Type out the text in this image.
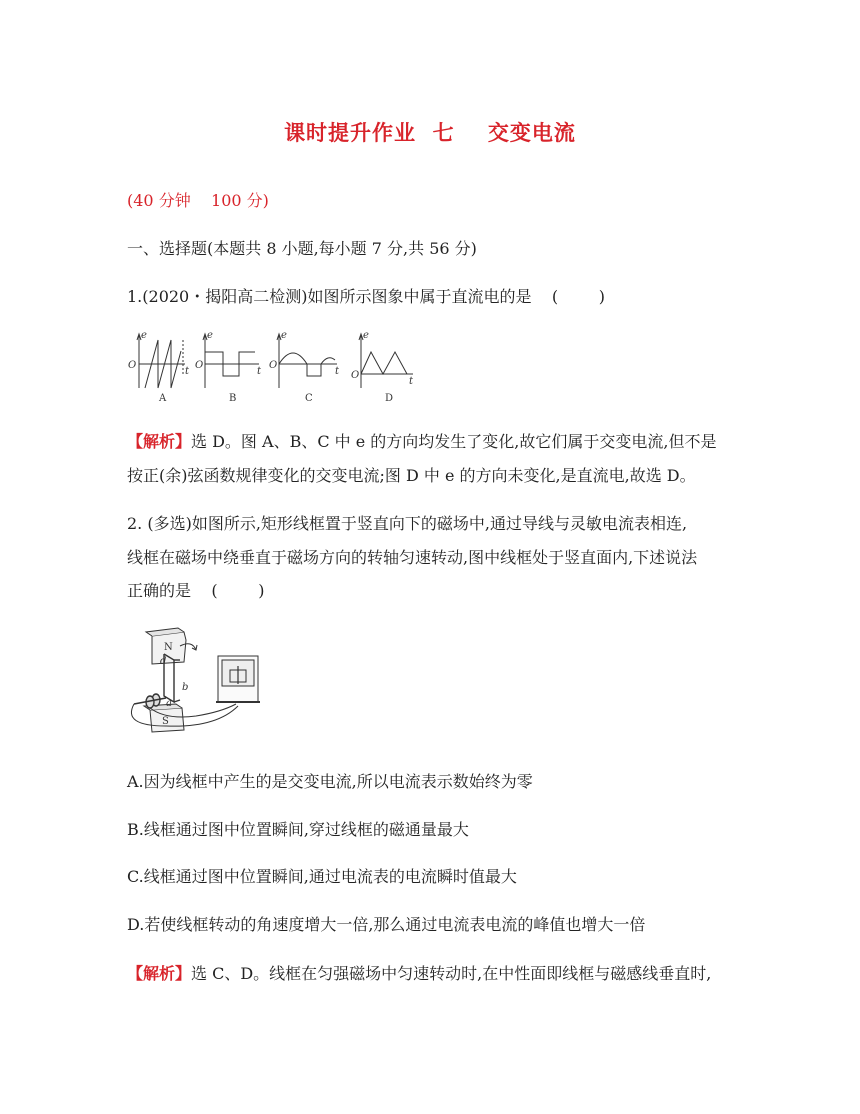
课时提升作业  七    交变电流
(40 分钟    100 分)
一、选择题(本题共 8 小题,每小题 7 分,共 56 分)
1.(2020・揭阳高二检测)如图所示图象中属于直流电的是    (        )
e
O
t
e
O
t
e
O
t
e
O
t
A	B	C	D
【解析】选 D。图 A、B、C 中 e 的方向均发生了变化,故它们属于交变电流,但不是
按正(余)弦函数规律变化的交变电流;图 D 中 e 的方向未变化,是直流电,故选 D。
2. (多选)如图所示,矩形线框置于竖直向下的磁场中,通过导线与灵敏电流表相连,
线框在磁场中绕垂直于磁场方向的转轴匀速转动,图中线框处于竖直面内,下述说法
正确的是    (        )
N
d
b
a
S
A.因为线框中产生的是交变电流,所以电流表示数始终为零
B.线框通过图中位置瞬间,穿过线框的磁通量最大
C.线框通过图中位置瞬间,通过电流表的电流瞬时值最大
D.若使线框转动的角速度增大一倍,那么通过电流表电流的峰值也增大一倍
【解析】选 C、D。线框在匀强磁场中匀速转动时,在中性面即线框与磁感线垂直时,
